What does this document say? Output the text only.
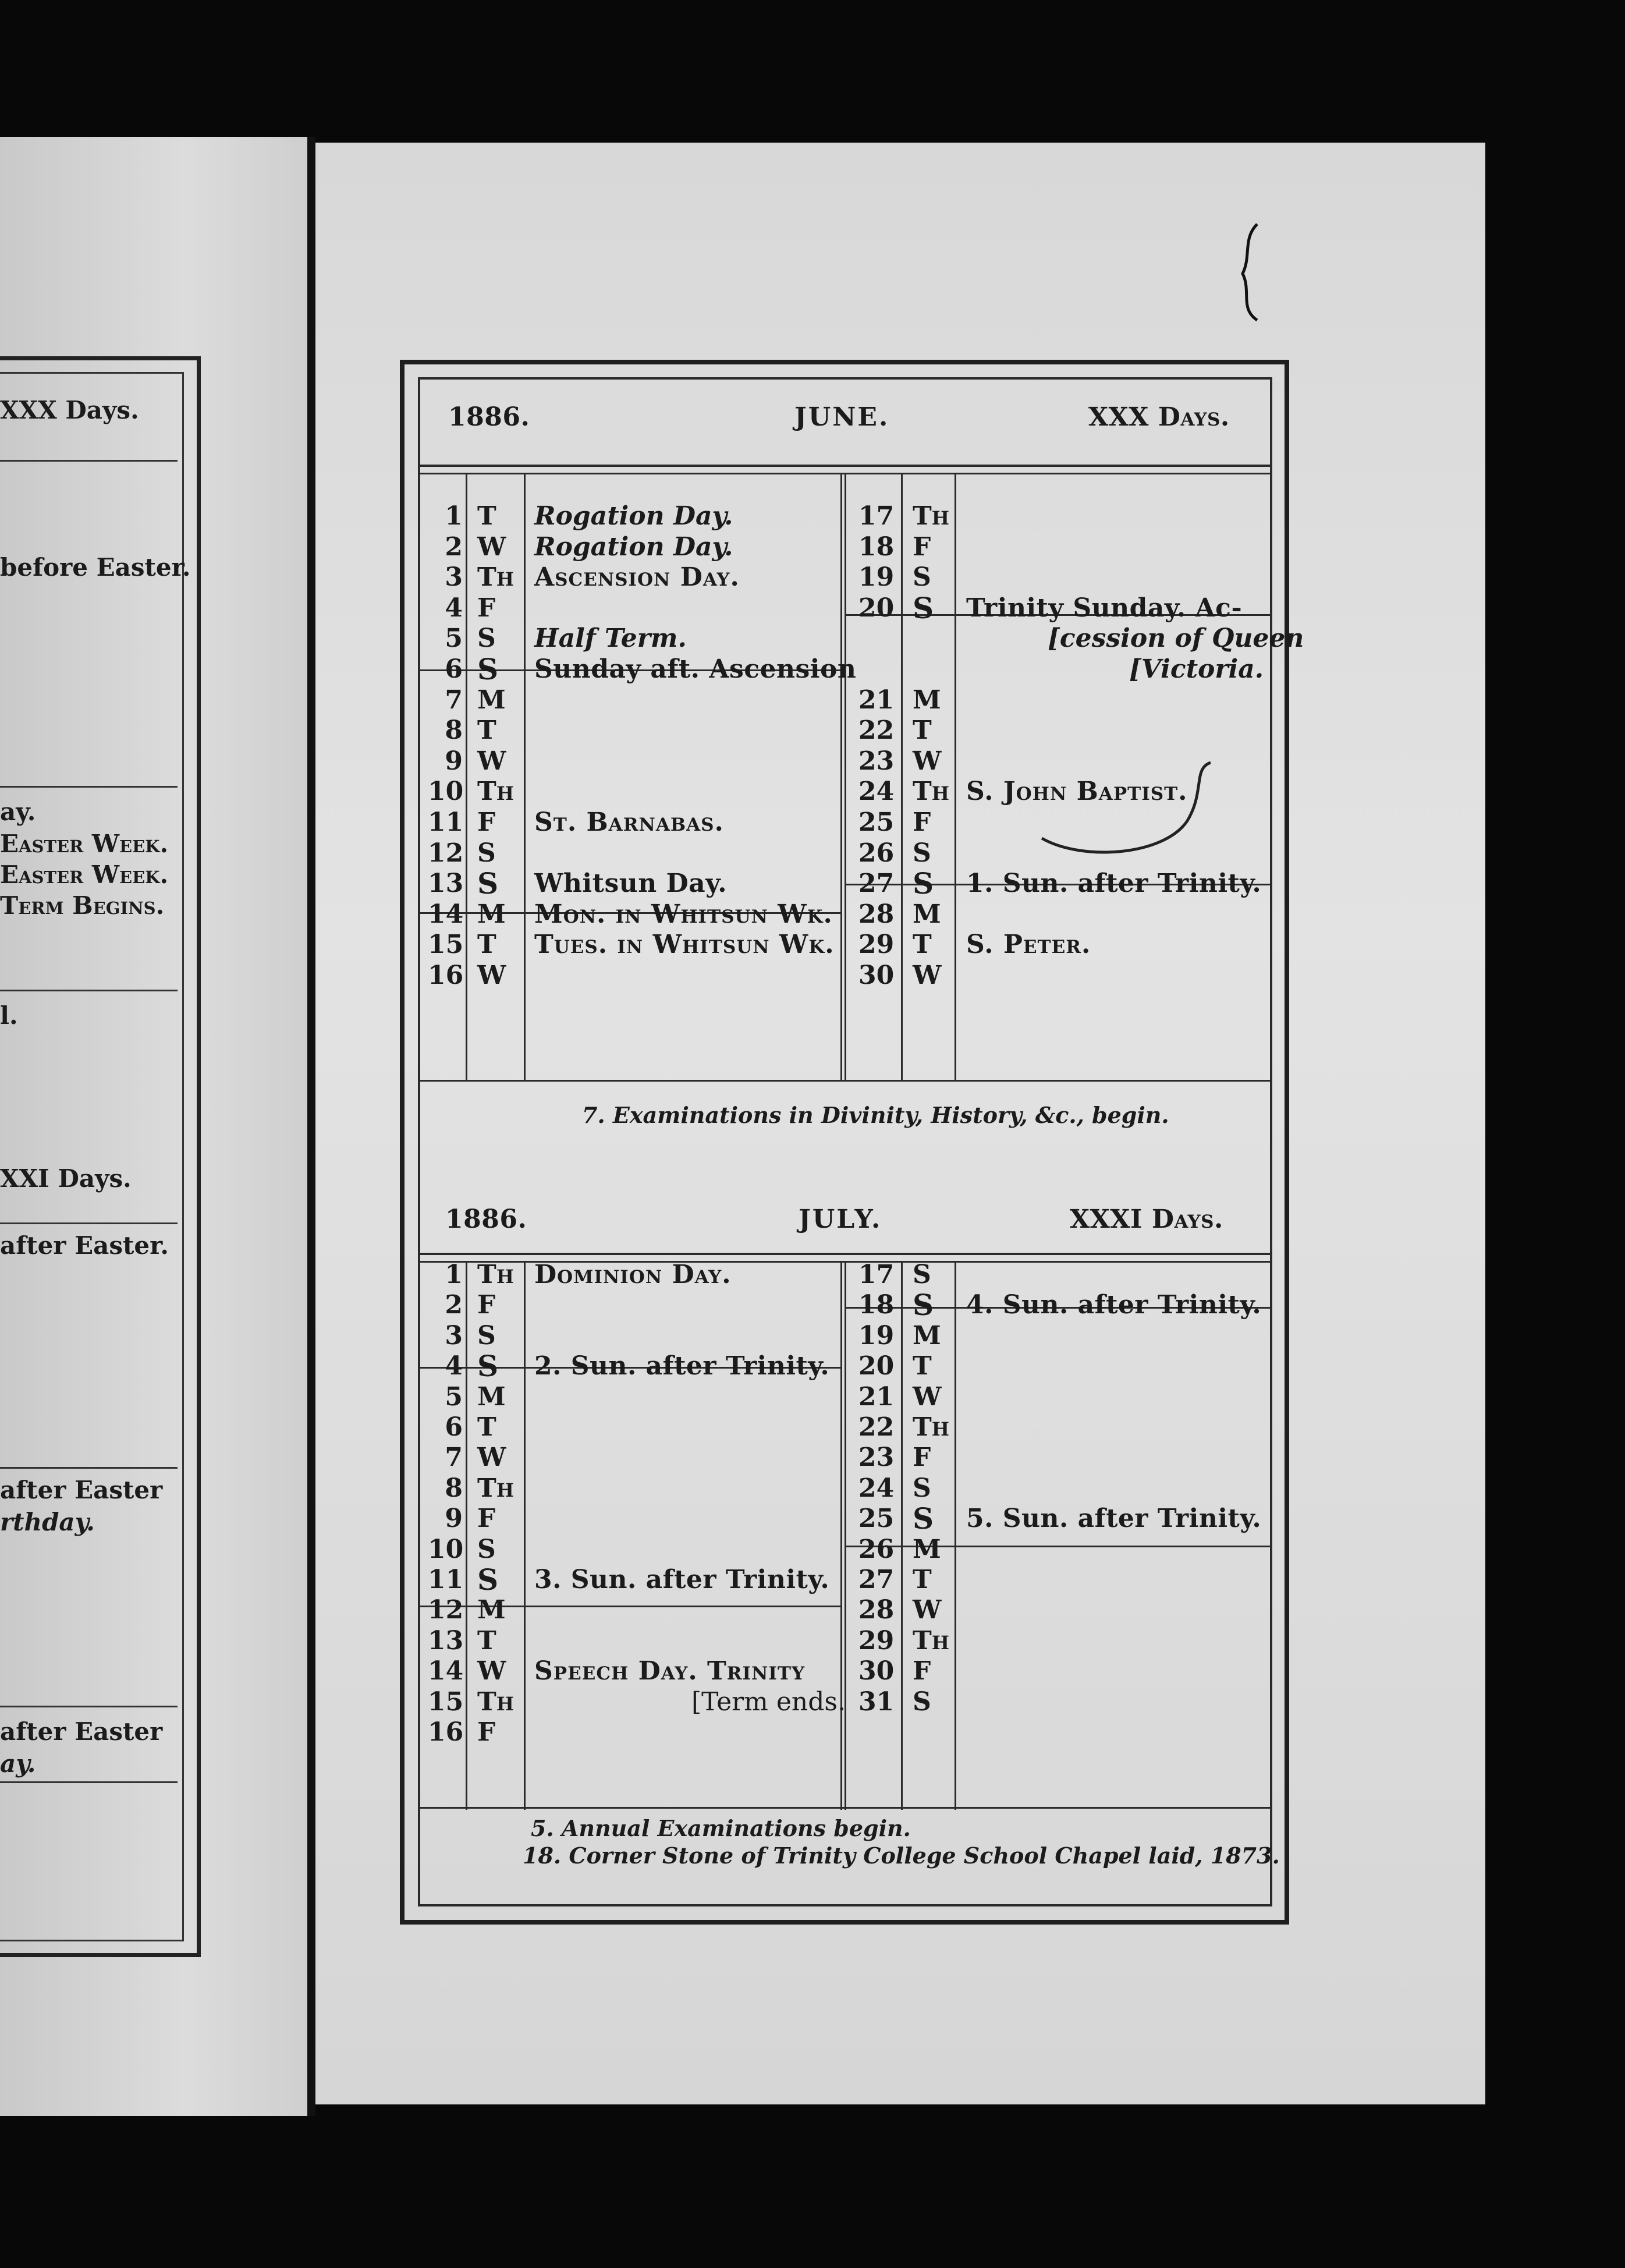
XXX Days.
before Easter.
ay.
Easter Week.
Easter Week.
Term Begins.
l.
XXI Days.
after Easter.
after Easter
rthday.
after Easter
ay.
1886.	JUNE.	XXX Days.
1 T Rogation Day.
2 W Rogation Day.
3 TH Ascension Day.
4 F
5 S Half Term.
6 S Sunday aft. Ascension
7 M
8 T
9 W
10 TH
11 F St. Barnabas.
12 S
13 S Whitsun Day.
14 M Mon. in Whitsun Wk.
15 T Tues. in Whitsun Wk.
16 W
17 TH
18 F
19 S
20 S Trinity Sunday. Ac-
[cession of Queen
[Victoria.
21 M
22 T
23 W
24 TH S. John Baptist.
25 F
26 S
27 S 1. Sun. after Trinity.
28 M
29 T S. Peter.
30 W
7. Examinations in Divinity, History, &c., begin.
1886.	JULY.	XXXI Days.
1 TH Dominion Day.
2 F
3 S
4 S 2. Sun. after Trinity.
5 M
6 T
7 W
8 TH
9 F
10 S
11 S 3. Sun. after Trinity.
12 M
13 T
14 W Speech Day. Trinity
15 TH	[Term ends.
16 F
17 S
18 S 4. Sun. after Trinity.
19 M
20 T
21 W
22 TH
23 F
24 S
25 S 5. Sun. after Trinity.
26 M
27 T
28 W
29 TH
30 F
31 S
5. Annual Examinations begin.
18. Corner Stone of Trinity College School Chapel laid, 1873.
